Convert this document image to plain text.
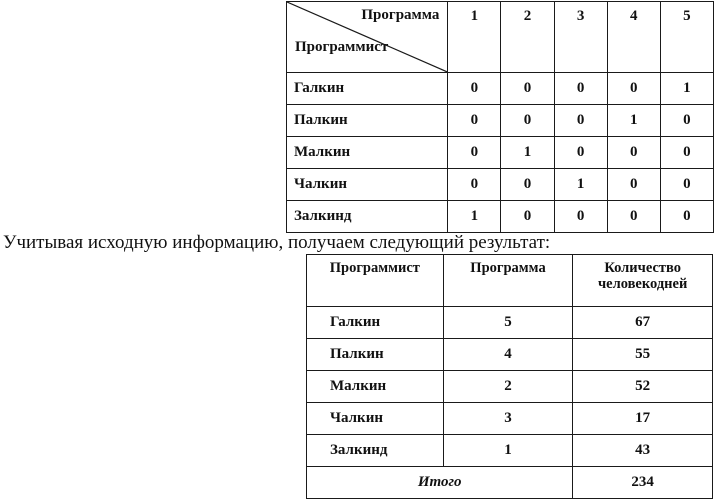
Программа
Программист	1	2	3	4	5
Галкин	0	0	0	0	1
Палкин	0	0	0	1	0
Малкин	0	1	0	0	0
Чалкин	0	0	1	0	0
Залкинд	1	0	0	0	0
Учитывая исходную информацию, получаем следующий результат:
Программист	Программа	Количество
человекодней
Галкин	5	67
Палкин	4	55
Малкин	2	52
Чалкин	3	17
Залкинд	1	43
Итого		234
